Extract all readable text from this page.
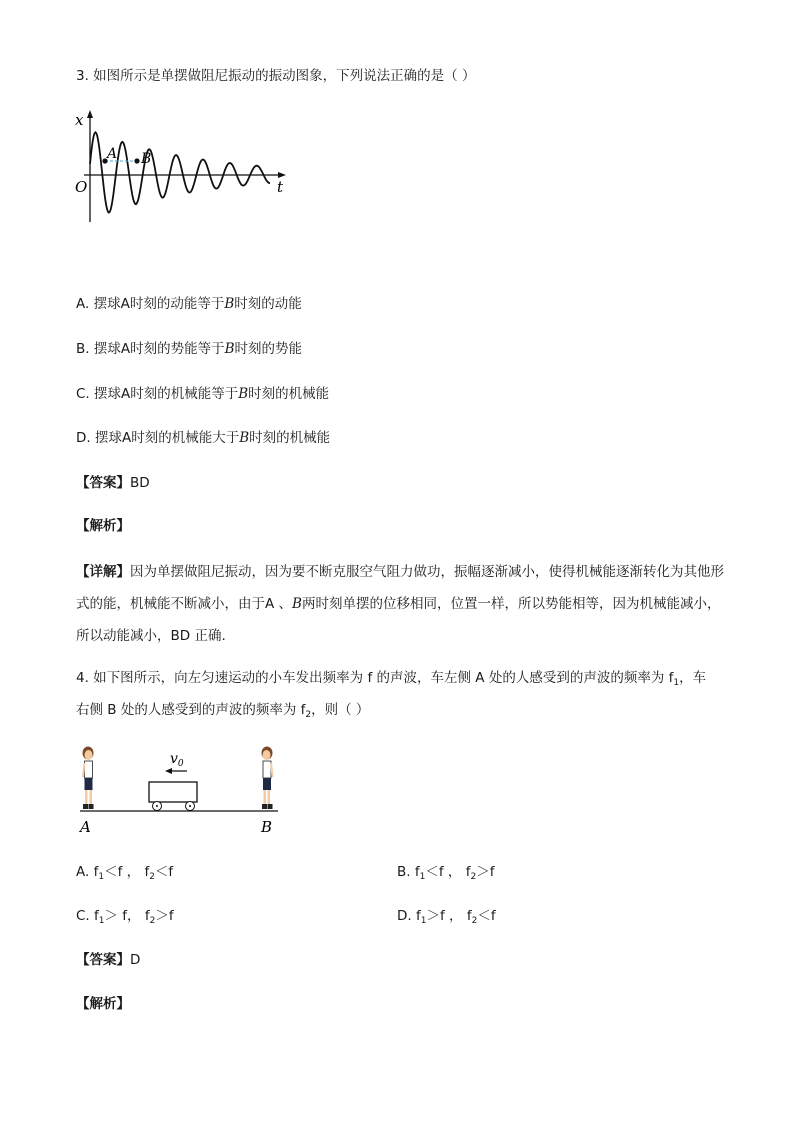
3. 如图所示是单摆做阻尼振动的振动图象，下列说法正确的是（ ）
x
O
A B
t
A. 摆球A时刻的动能等于B时刻的动能
B. 摆球A时刻的势能等于B时刻的势能
C. 摆球A时刻的机械能等于B时刻的机械能
D. 摆球A时刻的机械能大于B时刻的机械能
【答案】BD
【解析】
【详解】因为单摆做阻尼振动，因为要不断克服空气阻力做功，振幅逐渐减小，使得机械能逐渐转化为其他形式的能，机械能不断减小，由于A 、B两时刻单摆的位移相同，位置一样，所以势能相等，因为机械能减小，所以动能减小，BD 正确.
4. 如下图所示，向左匀速运动的小车发出频率为 f 的声波，车左侧 A 处的人感受到的声波的频率为 $f_1$，车
右侧 B 处的人感受到的声波的频率为 $f_2$，则（ ）
$v_0$
A	B
A. $f_1<f$ ， $f_2<f$	B. $f_1<f$ ， $f_2>f$
C. $f_1> f$， $f_2>f$	D. $f_1>f$ ， $f_2<f$
【答案】D
【解析】
